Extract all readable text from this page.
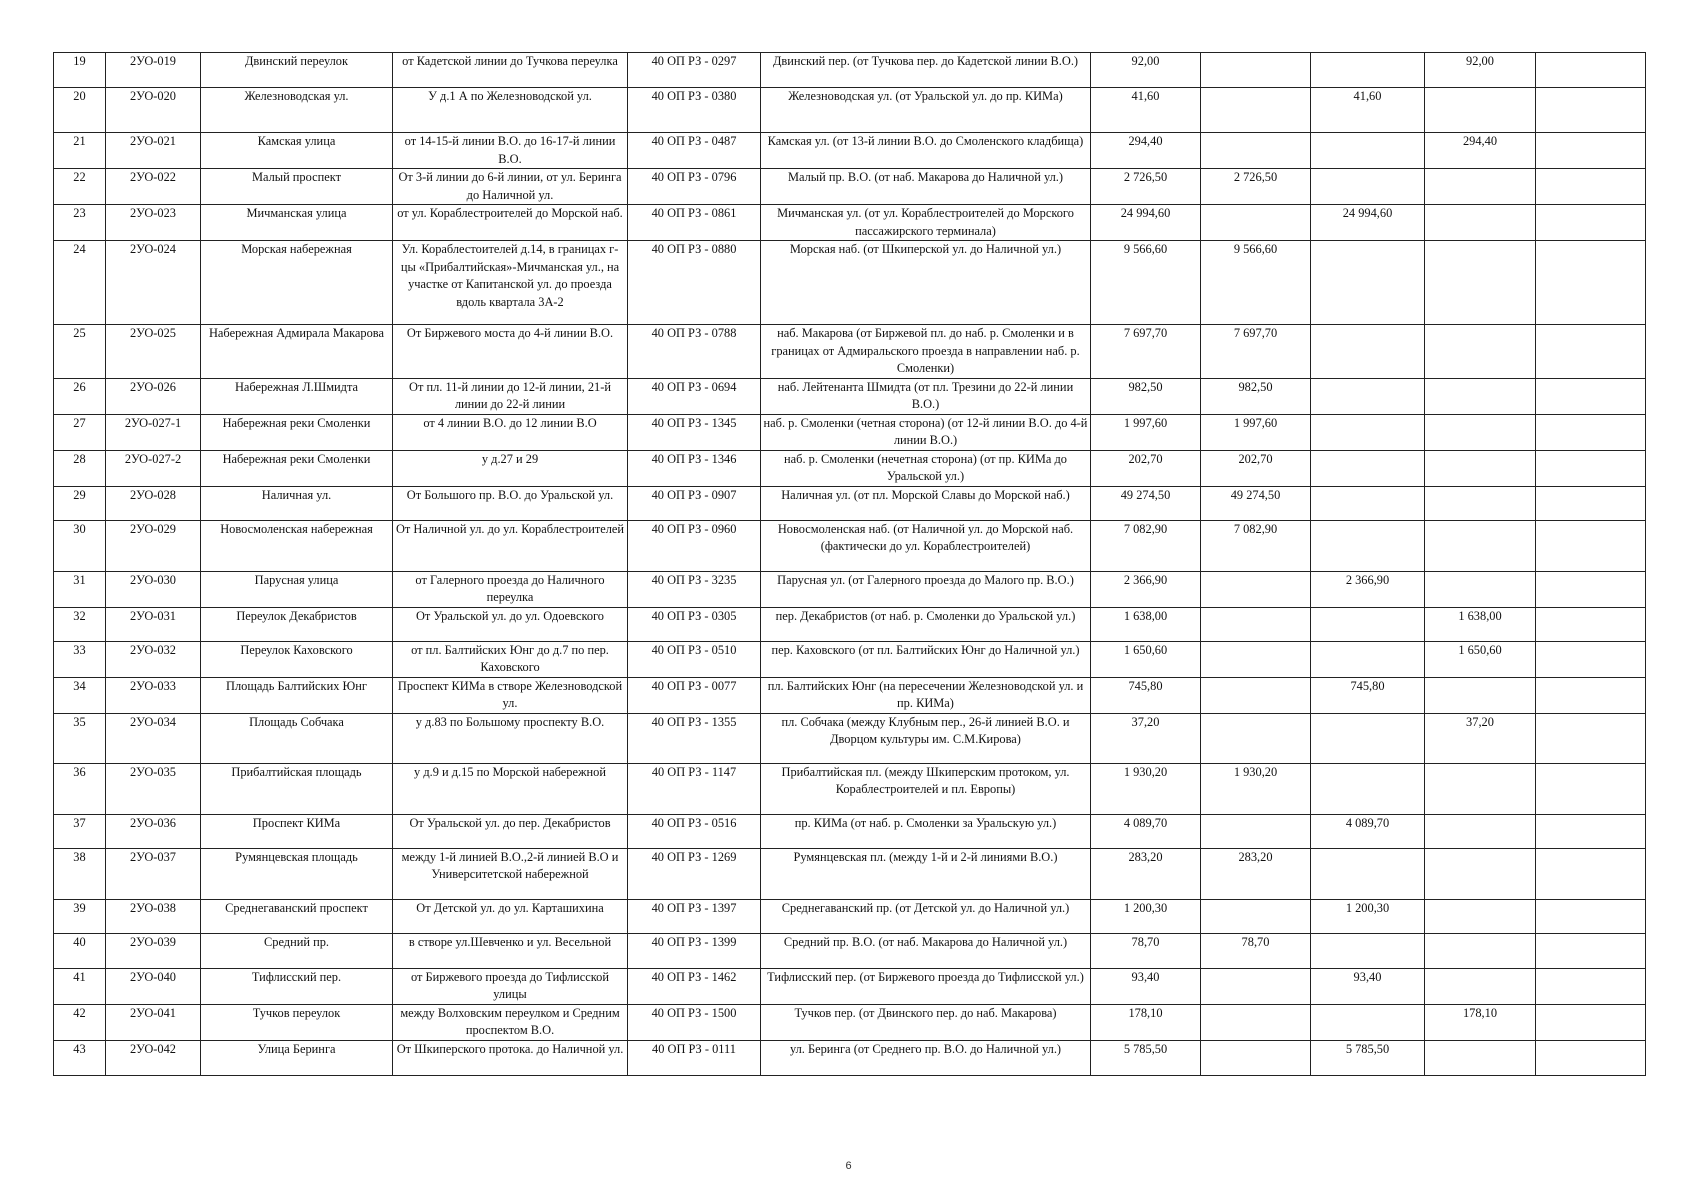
19	2УО-019	Двинский переулок	от Кадетской линии до Тучкова переулка	40 ОП РЗ - 0297	Двинский пер. (от Тучкова пер. до Кадетской линии В.О.)	92,00			92,00	
20	2УО-020	Железноводская ул.	У д.1 А по Железноводской ул.	40 ОП РЗ - 0380	Железноводская ул. (от Уральской ул. до пр. КИМа)	41,60		41,60		
21	2УО-021	Камская улица	от 14-15-й линии В.О. до 16-17-й линии В.О.	40 ОП РЗ - 0487	Камская ул. (от 13-й линии В.О. до Смоленского кладбища)	294,40			294,40	
22	2УО-022	Малый проспект	От 3-й линии до 6-й линии, от ул. Беринга до Наличной ул.	40 ОП РЗ - 0796	Малый пр. В.О. (от наб. Макарова до Наличной ул.)	2 726,50	2 726,50			
23	2УО-023	Мичманская улица	от ул. Кораблестроителей до Морской наб.	40 ОП РЗ - 0861	Мичманская ул. (от ул. Кораблестроителей до Морского пассажирского терминала)	24 994,60		24 994,60		
24	2УО-024	Морская набережная	Ул. Кораблестоителей д.14, в границах г-цы «Прибалтийская»-Мичманская ул., на участке от Капитанской ул. до проезда вдоль квартала 3А-2	40 ОП РЗ - 0880	Морская наб. (от Шкиперской ул. до Наличной ул.)	9 566,60	9 566,60			
25	2УО-025	Набережная Адмирала Макарова	От Биржевого моста до 4-й линии В.О.	40 ОП РЗ - 0788	наб. Макарова (от Биржевой пл. до наб. р. Смоленки и в границах от Адмиральского проезда в направлении наб. р. Смоленки)	7 697,70	7 697,70			
26	2УО-026	Набережная Л.Шмидта	От пл. 11-й линии до 12-й линии, 21-й линии до 22-й линии	40 ОП РЗ - 0694	наб. Лейтенанта Шмидта (от пл. Трезини до 22-й линии В.О.)	982,50	982,50			
27	2УО-027-1	Набережная реки Смоленки	от 4 линии В.О. до 12 линии В.О	40 ОП РЗ - 1345	наб. р. Смоленки (четная сторона) (от 12-й линии В.О. до 4-й линии В.О.)	1 997,60	1 997,60			
28	2УО-027-2	Набережная реки Смоленки	у д.27 и 29	40 ОП РЗ - 1346	наб. р. Смоленки (нечетная сторона) (от пр. КИМа до Уральской ул.)	202,70	202,70			
29	2УО-028	Наличная ул.	От Большого пр. В.О. до Уральской ул.	40 ОП РЗ - 0907	Наличная ул. (от пл. Морской Славы до Морской наб.)	49 274,50	49 274,50			
30	2УО-029	Новосмоленская набережная	От Наличной ул. до ул. Кораблестроителей	40 ОП РЗ - 0960	Новосмоленская наб. (от Наличной ул. до Морской наб. (фактически до ул. Кораблестроителей)	7 082,90	7 082,90			
31	2УО-030	Парусная улица	от Галерного проезда до Наличного переулка	40 ОП РЗ - 3235	Парусная ул. (от Галерного проезда до Малого пр. В.О.)	2 366,90		2 366,90		
32	2УО-031	Переулок Декабристов	От Уральской ул. до ул. Одоевского	40 ОП РЗ - 0305	пер. Декабристов (от наб. р. Смоленки до Уральской ул.)	1 638,00			1 638,00	
33	2УО-032	Переулок Каховского	от пл. Балтийских Юнг до д.7 по пер. Каховского	40 ОП РЗ - 0510	пер. Каховского (от пл. Балтийских Юнг до Наличной ул.)	1 650,60			1 650,60	
34	2УО-033	Площадь Балтийских Юнг	Проспект КИМа в створе Железноводской ул.	40 ОП РЗ - 0077	пл. Балтийских Юнг (на пересечении Железноводской ул. и пр. КИМа)	745,80		745,80		
35	2УО-034	Площадь Собчака	у д.83 по Большому проспекту В.О.	40 ОП РЗ - 1355	пл. Собчака (между Клубным пер., 26-й линией В.О. и Дворцом культуры им. С.М.Кирова)	37,20			37,20	
36	2УО-035	Прибалтийская площадь	у д.9 и д.15 по Морской набережной	40 ОП РЗ - 1147	Прибалтийская пл. (между Шкиперским протоком, ул. Кораблестроителей и пл. Европы)	1 930,20	1 930,20			
37	2УО-036	Проспект КИМа	От Уральской ул. до пер. Декабристов	40 ОП РЗ - 0516	пр. КИМа (от наб. р. Смоленки за Уральскую ул.)	4 089,70		4 089,70		
38	2УО-037	Румянцевская площадь	между 1-й линией В.О.,2-й линией В.О и Университетской набережной	40 ОП РЗ - 1269	Румянцевская пл. (между 1-й и 2-й линиями В.О.)	283,20	283,20			
39	2УО-038	Среднегаванский проспект	От Детской ул. до ул. Карташихина	40 ОП РЗ - 1397	Среднегаванский пр. (от Детской ул. до Наличной ул.)	1 200,30		1 200,30		
40	2УО-039	Средний пр.	в створе ул.Шевченко и ул. Весельной	40 ОП РЗ - 1399	Средний пр. В.О. (от наб. Макарова до Наличной ул.)	78,70	78,70			
41	2УО-040	Тифлисский пер.	от Биржевого проезда до Тифлисской улицы	40 ОП РЗ - 1462	Тифлисский пер. (от Биржевого проезда до Тифлисской ул.)	93,40		93,40		
42	2УО-041	Тучков переулок	между Волховским переулком и Средним проспектом В.О.	40 ОП РЗ - 1500	Тучков пер. (от Двинского пер. до наб. Макарова)	178,10			178,10	
43	2УО-042	Улица Беринга	От Шкиперского протока. до Наличной ул.	40 ОП РЗ - 0111	ул. Беринга (от Среднего пр. В.О. до Наличной ул.)	5 785,50		5 785,50		
6
